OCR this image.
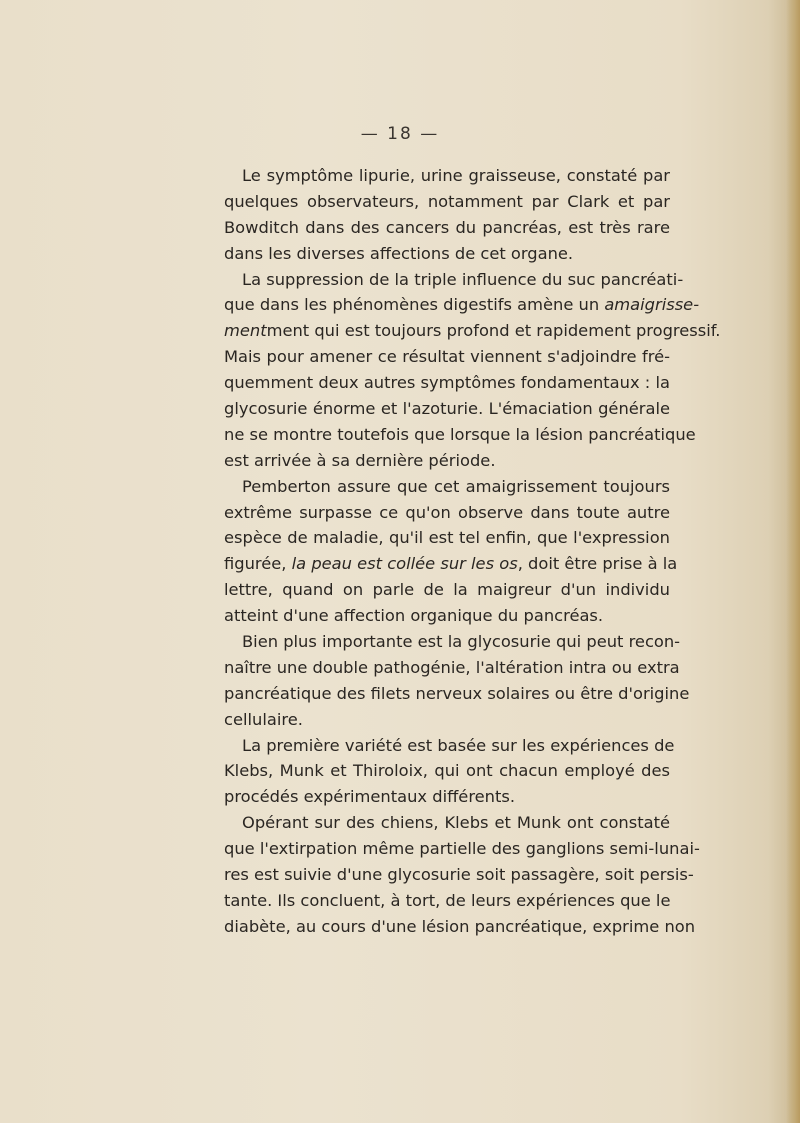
— 18 —
Le symptôme lipurie, urine graisseuse, constaté par
quelques observateurs, notamment par Clark et par
Bowditch dans des cancers du pancréas, est très rare
dans les diverses affections de cet organe.
La suppression de la triple influence du suc pancréati-
que dans les phénomènes digestifs amène un amaigrisse-
mentment qui est toujours profond et rapidement progressif.
Mais pour amener ce résultat viennent s'adjoindre fré-
quemment deux autres symptômes fondamentaux : la
glycosurie énorme et l'azoturie. L'émaciation générale
ne se montre toutefois que lorsque la lésion pancréatique
est arrivée à sa dernière période.
Pemberton assure que cet amaigrissement toujours
extrême surpasse ce qu'on observe dans toute autre
espèce de maladie, qu'il est tel enfin, que l'expression
figurée, la peau est collée sur les os, doit être prise à la
lettre, quand on parle de la maigreur d'un individu
atteint d'une affection organique du pancréas.
Bien plus importante est la glycosurie qui peut recon-
naître une double pathogénie, l'altération intra ou extra
pancréatique des filets nerveux solaires ou être d'origine
cellulaire.
La première variété est basée sur les expériences de
Klebs, Munk et Thiroloix, qui ont chacun employé des
procédés expérimentaux différents.
Opérant sur des chiens, Klebs et Munk ont constaté
que l'extirpation même partielle des ganglions semi-lunai-
res est suivie d'une glycosurie soit passagère, soit persis-
tante. Ils concluent, à tort, de leurs expériences que le
diabète, au cours d'une lésion pancréatique, exprime non
